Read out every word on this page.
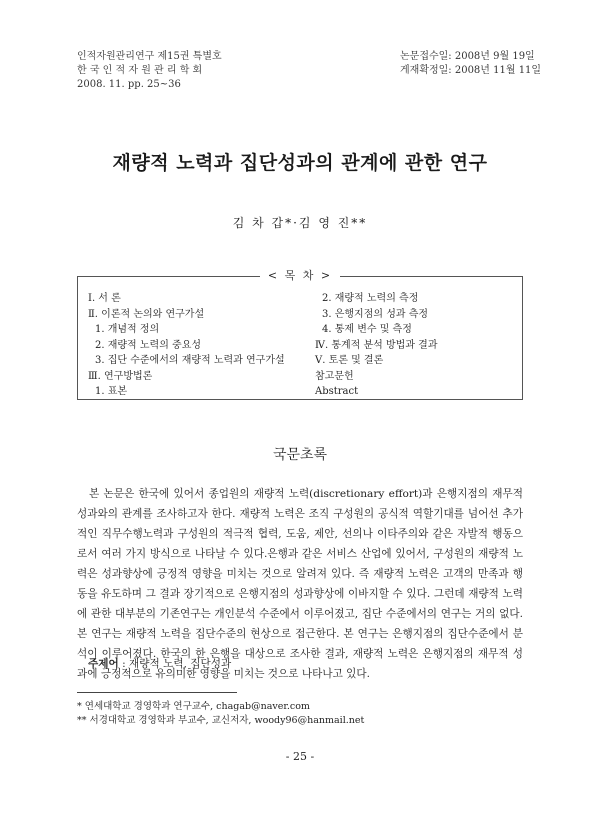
인적자원관리연구 제15권 특별호
한 국 인 적 자 원 관 리 학 회
2008. 11. pp. 25~36
논문접수일: 2008년 9월 19일
게재확정일: 2008년 11월 11일
재량적 노력과 집단성과의 관계에 관한 연구
김 차 갑*·김 영 진**
< 목 차 >
Ⅰ. 서 론
Ⅱ. 이론적 논의와 연구가설
1. 개념적 정의
2. 재량적 노력의 중요성
3. 집단 수준에서의 재량적 노력과 연구가설
Ⅲ. 연구방법론
1. 표본
2. 재량적 노력의 측정
3. 은행지점의 성과 측정
4. 통제 변수 및 측정
Ⅳ. 통계적 분석 방법과 결과
Ⅴ. 토론 및 결론
참고문헌
Abstract
국문초록
본 논문은 한국에 있어서 종업원의 재량적 노력(discretionary effort)과 은행지점의 재무적 성과와의 관계를 조사하고자 한다. 재량적 노력은 조직 구성원의 공식적 역할기대를 넘어선 추가적인 직무수행노력과 구성원의 적극적 협력, 도움, 제안, 선의나 이타주의와 같은 자발적 행동으로서 여러 가지 방식으로 나타날 수 있다.은행과 같은 서비스 산업에 있어서, 구성원의 재량적 노력은 성과향상에 긍정적 영향을 미치는 것으로 알려져 있다. 즉 재량적 노력은 고객의 만족과 행동을 유도하며 그 결과 장기적으로 은행지점의 성과향상에 이바지할 수 있다. 그런데 재량적 노력에 관한 대부분의 기존연구는 개인분석 수준에서 이루어졌고, 집단 수준에서의 연구는 거의 없다. 본 연구는 재량적 노력을 집단수준의 현상으로 접근한다. 본 연구는 은행지점의 집단수준에서 분석이 이루어졌다. 한국의 한 은행을 대상으로 조사한 결과, 재량적 노력은 은행지점의 재무적 성과에 긍정적으로 유의미한 영향을 미치는 것으로 나타나고 있다.
주제어 : 재량적 노력, 집단성과
* 연세대학교 경영학과 연구교수, chagab@naver.com
** 서경대학교 경영학과 부교수, 교신저자, woody96@hanmail.net
- 25 -
